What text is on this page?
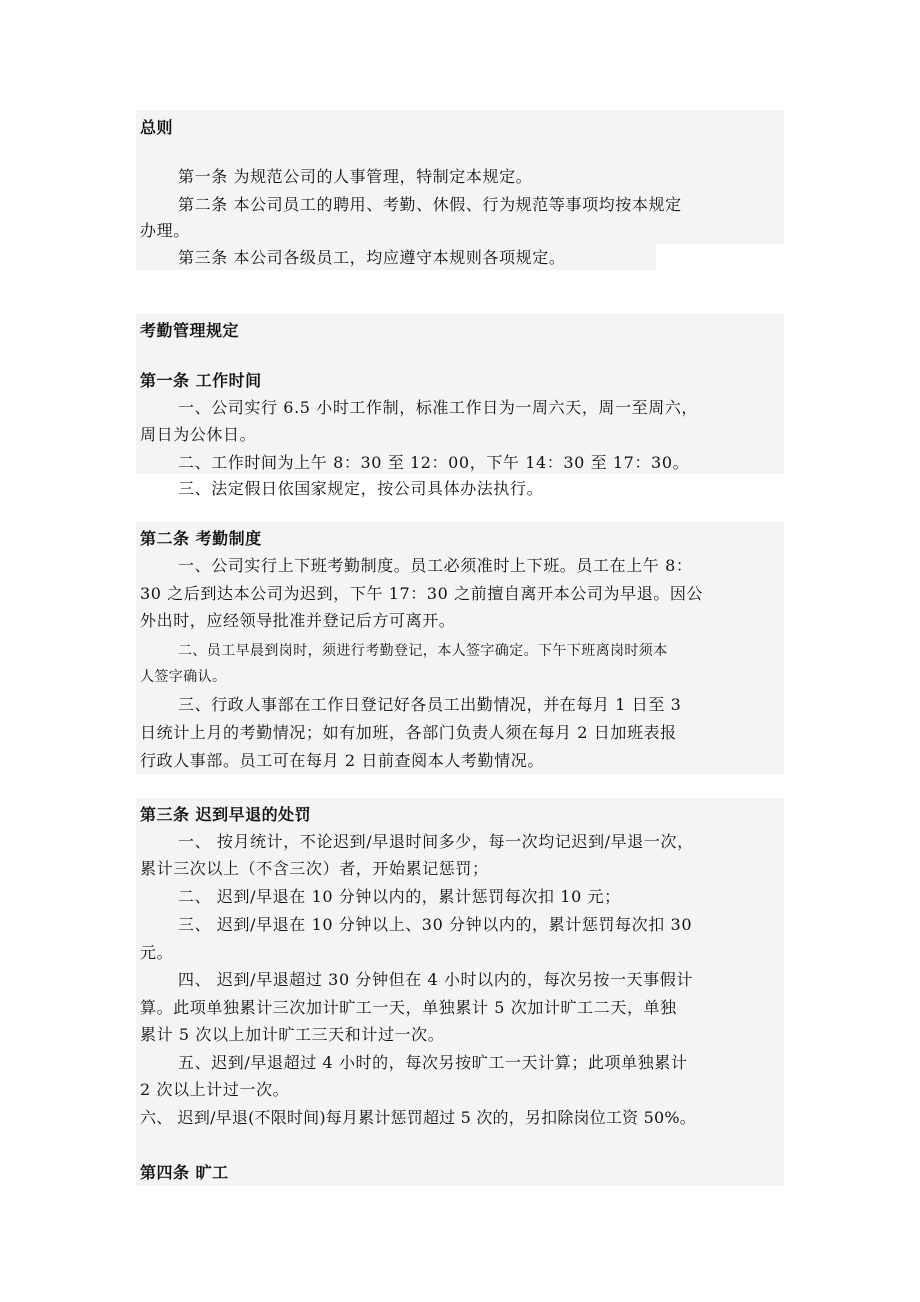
总则
第一条 为规范公司的人事管理，特制定本规定。
第二条 本公司员工的聘用、考勤、休假、行为规范等事项均按本规定
办理。
第三条 本公司各级员工，均应遵守本规则各项规定。
考勤管理规定
第一条 工作时间
一、公司实行 6.5 小时工作制，标准工作日为一周六天，周一至周六，
周日为公休日。
二、工作时间为上午 8：30 至 12：00，下午 14：30 至 17：30。
三、法定假日依国家规定，按公司具体办法执行。
第二条 考勤制度
一、公司实行上下班考勤制度。员工必须准时上下班。员工在上午 8：
30 之后到达本公司为迟到，下午 17：30 之前擅自离开本公司为早退。因公
外出时，应经领导批准并登记后方可离开。
二、员工早晨到岗时，须进行考勤登记，本人签字确定。下午下班离岗时须本
人签字确认。
三、行政人事部在工作日登记好各员工出勤情况，并在每月 1 日至 3
日统计上月的考勤情况；如有加班，各部门负责人须在每月 2 日加班表报
行政人事部。员工可在每月 2 日前查阅本人考勤情况。
第三条 迟到早退的处罚
一、 按月统计，不论迟到/早退时间多少，每一次均记迟到/早退一次，
累计三次以上（不含三次）者，开始累记惩罚；
二、 迟到/早退在 10 分钟以内的，累计惩罚每次扣 10 元；
三、 迟到/早退在 10 分钟以上、30 分钟以内的，累计惩罚每次扣 30
元。
四、 迟到/早退超过 30 分钟但在 4 小时以内的，每次另按一天事假计
算。此项单独累计三次加计旷工一天，单独累计 5 次加计旷工二天，单独
累计 5 次以上加计旷工三天和计过一次。
五、迟到/早退超过 4 小时的，每次另按旷工一天计算；此项单独累计
2 次以上计过一次。
六、 迟到/早退(不限时间)每月累计惩罚超过 5 次的，另扣除岗位工资 50%。
第四条 旷工
